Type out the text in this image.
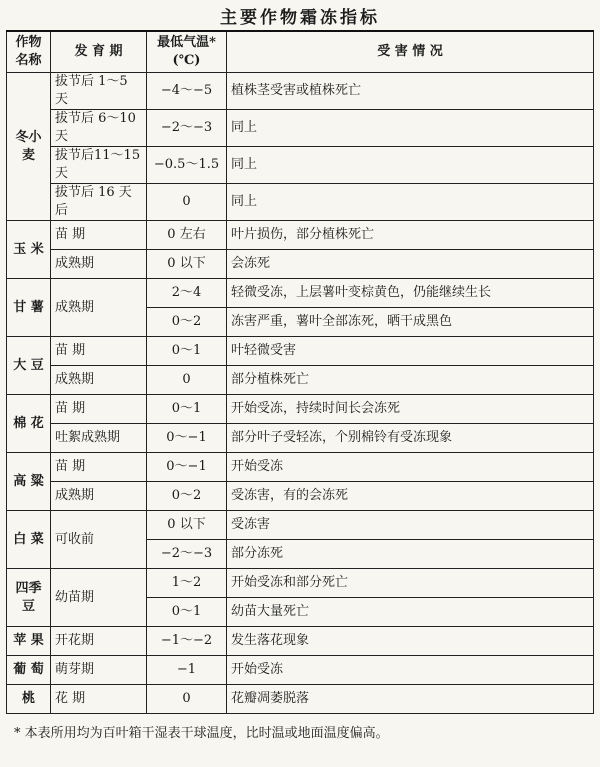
主要作物霜冻指标
作物名称	发 育 期	最低气温*(℃)	受 害 情 况
冬小麦	拔节后 1～5 天	−4～−5	植株茎受害或植株死亡
	拔节后 6～10 天	−2～−3	同上
	拔节后11～15天	−0.5～1.5	同上
	拔节后 16 天后	0	同上
玉 米	苗 期	0 左右	叶片损伤，部分植株死亡
	成熟期	0 以下	会冻死
甘 薯	成熟期	2～4	轻微受冻，上层薯叶变棕黄色，仍能继续生长
		0～2	冻害严重，薯叶全部冻死，晒干成黑色
大 豆	苗 期	0～1	叶轻微受害
	成熟期	0	部分植株死亡
棉 花	苗 期	0～1	开始受冻，持续时间长会冻死
	吐絮成熟期	0～−1	部分叶子受轻冻，个别棉铃有受冻现象
高 粱	苗 期	0～−1	开始受冻
	成熟期	0～2	受冻害，有的会冻死
白 菜	可收前	0 以下	受冻害
		−2～−3	部分冻死
四季豆	幼苗期	1～2	开始受冻和部分死亡
		0～1	幼苗大量死亡
苹 果	开花期	−1～−2	发生落花现象
葡 萄	萌芽期	−1	开始受冻
桃	花 期	0	花瓣凋萎脱落
* 本表所用均为百叶箱干湿表干球温度，比时温或地面温度偏高。
